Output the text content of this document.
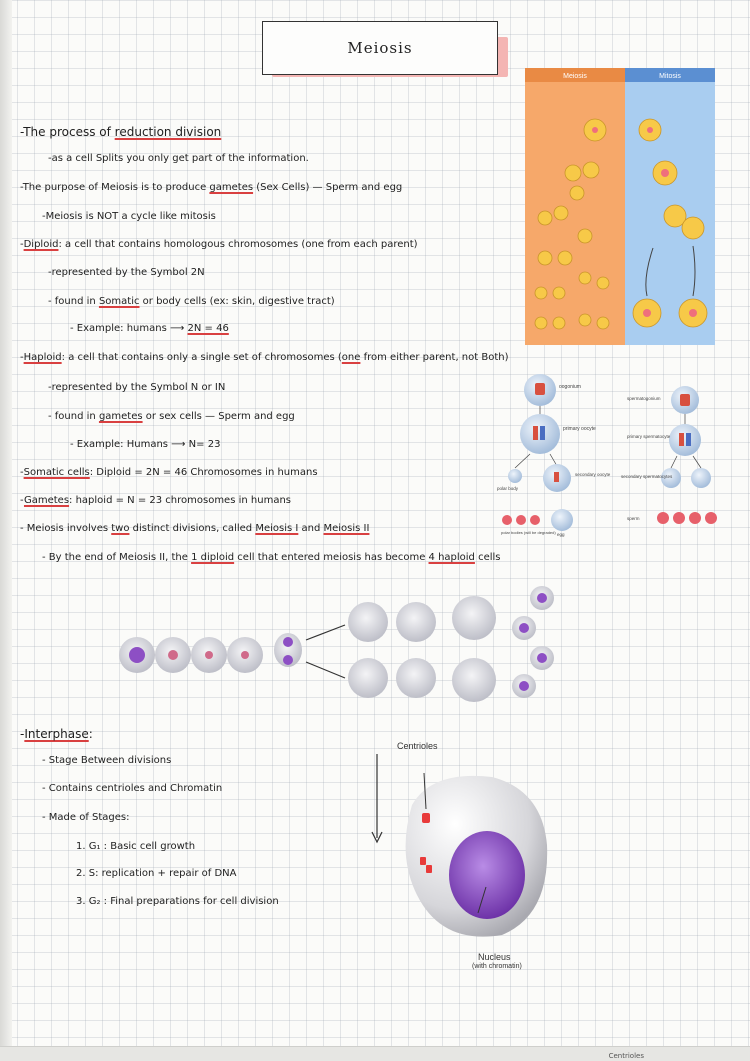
Meiosis
-The process of reduction division
-as a cell Splits you only get part of the information.
-The purpose of Meiosis is to produce gametes (Sex Cells) — Sperm and egg
-Meiosis is NOT a cycle like mitosis
-Diploid: a cell that contains homologous chromosomes (one from each parent)
-represented by the Symbol 2N
- found in Somatic or body cells (ex: skin, digestive tract)
- Example: humans ⟶ 2N = 46
-Haploid: a cell that contains only a single set of chromosomes (one from either parent, not Both)
-represented by the Symbol N or IN
- found in gametes or sex cells — Sperm and egg
- Example: Humans ⟶ N= 23
-Somatic cells: Diploid = 2N = 46 Chromosomes in humans
-Gametes: haploid = N = 23 chromosomes in humans
- Meiosis involves two distinct divisions, called Meiosis I and Meiosis II
- By the end of Meiosis II, the 1 diploid cell that entered meiosis has become 4 haploid cells
-Interphase:
- Stage Between divisions
- Contains centrioles and Chromatin
- Made of Stages:
1. G₁ : Basic cell growth
2. S: replication + repair of DNA
3. G₂ : Final preparations for cell division
Meiosis	Mitosis
oogonium
primary oocyte
polar body
secondary oocyte
polar bodies (will be degraded) egg
spermatogonium
primary spermatocyte
secondary spermatocytes
sperm
Centrioles
Nucleus
(with chromatin)
Centrioles
